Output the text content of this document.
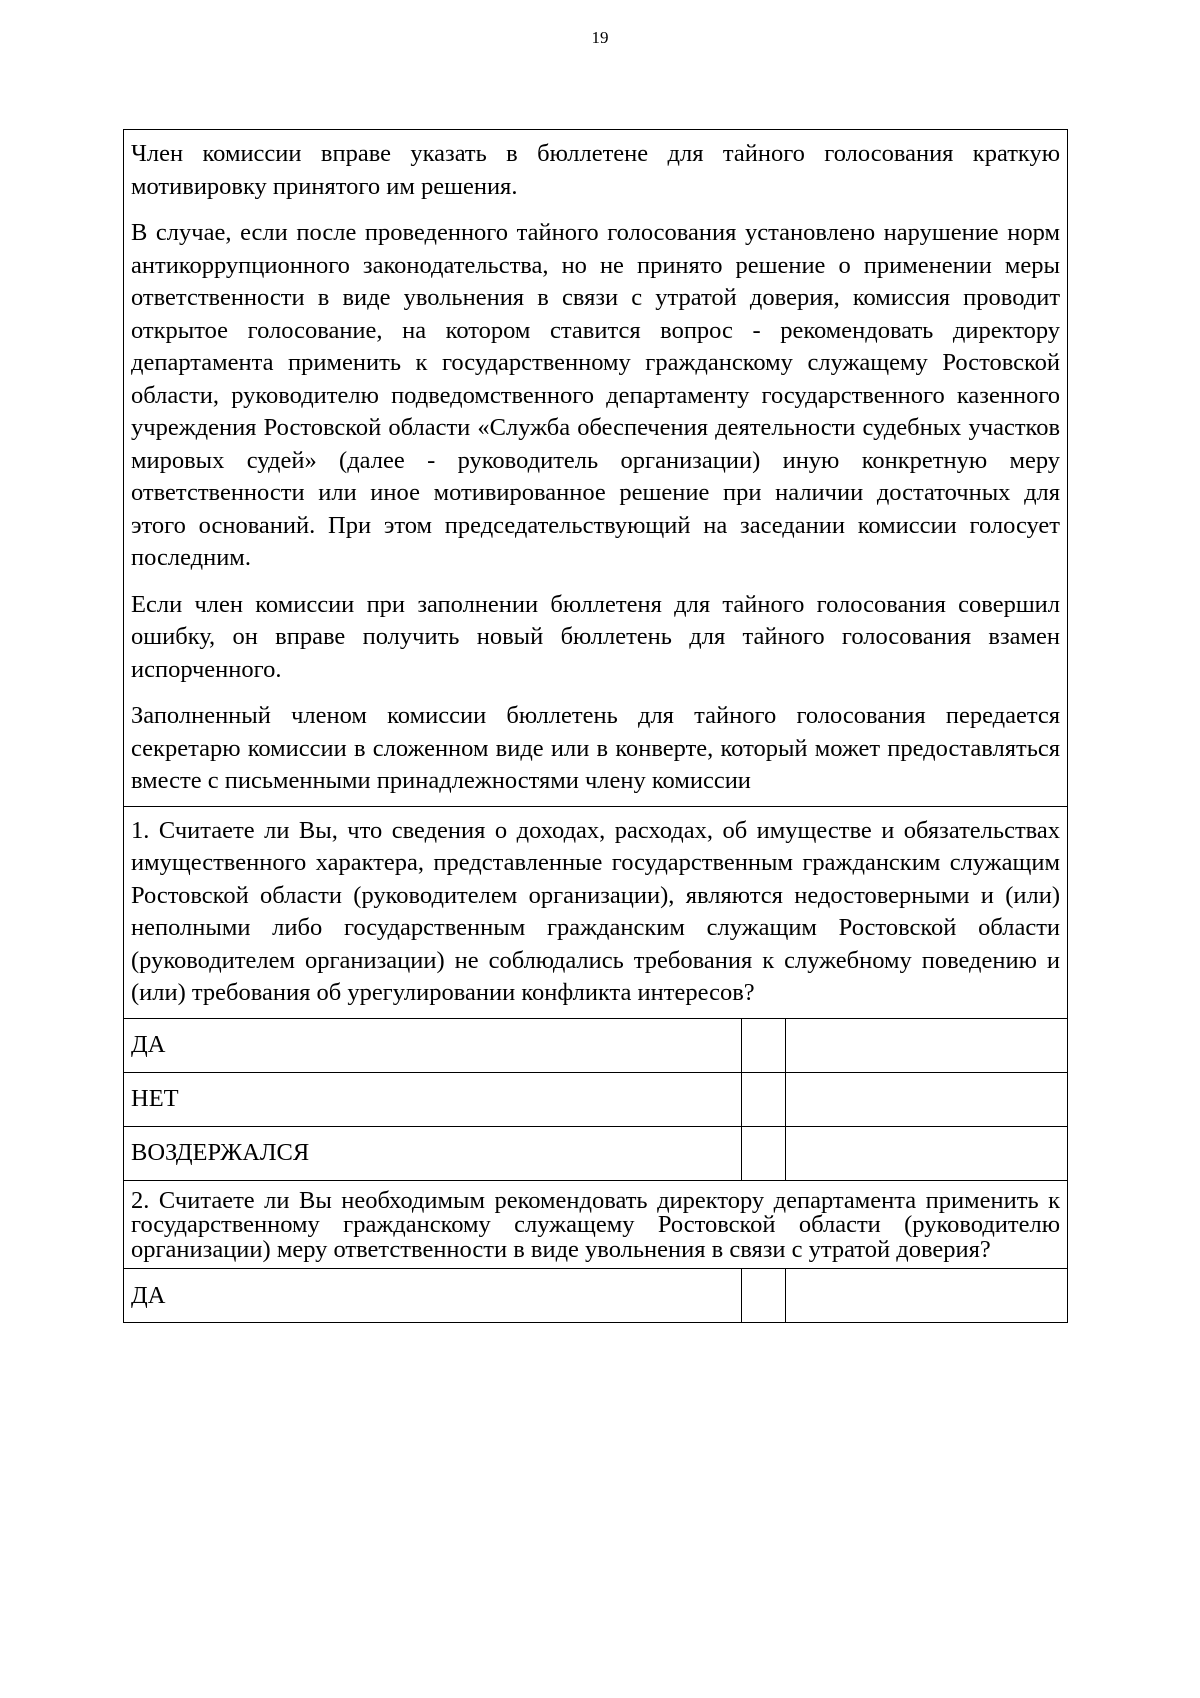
19

Член комиссии вправе указать в бюллетене для тайного голосования краткую мотивировку принятого им решения.

В случае, если после проведенного тайного голосования установлено нарушение норм антикоррупционного законодательства, но не принято решение о применении меры ответственности в виде увольнения в связи с утратой доверия, комиссия проводит открытое голосование, на котором ставится вопрос - рекомендовать директору департамента применить к государственному гражданскому служащему Ростовской области, руководителю подведомственного департаменту государственного казенного учреждения Ростовской области «Служба обеспечения деятельности судебных участков мировых судей» (далее - руководитель организации) иную конкретную меру ответственности или иное мотивированное решение при наличии достаточных для этого оснований. При этом председательствующий на заседании комиссии голосует последним.

Если член комиссии при заполнении бюллетеня для тайного голосования совершил ошибку, он вправе получить новый бюллетень для тайного голосования взамен испорченного.

Заполненный членом комиссии бюллетень для тайного голосования передается секретарю комиссии в сложенном виде или в конверте, который может предоставляться вместе с письменными принадлежностями члену комиссии		

1. Считаете ли Вы, что сведения о доходах, расходах, об имуществе и обязательствах имущественного характера, представленные государственным гражданским служащим Ростовской области (руководителем организации), являются недостоверными и (или) неполными либо государственным гражданским служащим Ростовской области (руководителем организации) не соблюдались требования к служебному поведению и (или) требования об урегулировании конфликта интересов?		

ДА		
НЕТ		
ВОЗДЕРЖАЛСЯ		

2. Считаете ли Вы необходимым рекомендовать директору департамента применить к государственному гражданскому служащему Ростовской области (руководителю организации) меру ответственности в виде увольнения в связи с утратой доверия?		

ДА		
